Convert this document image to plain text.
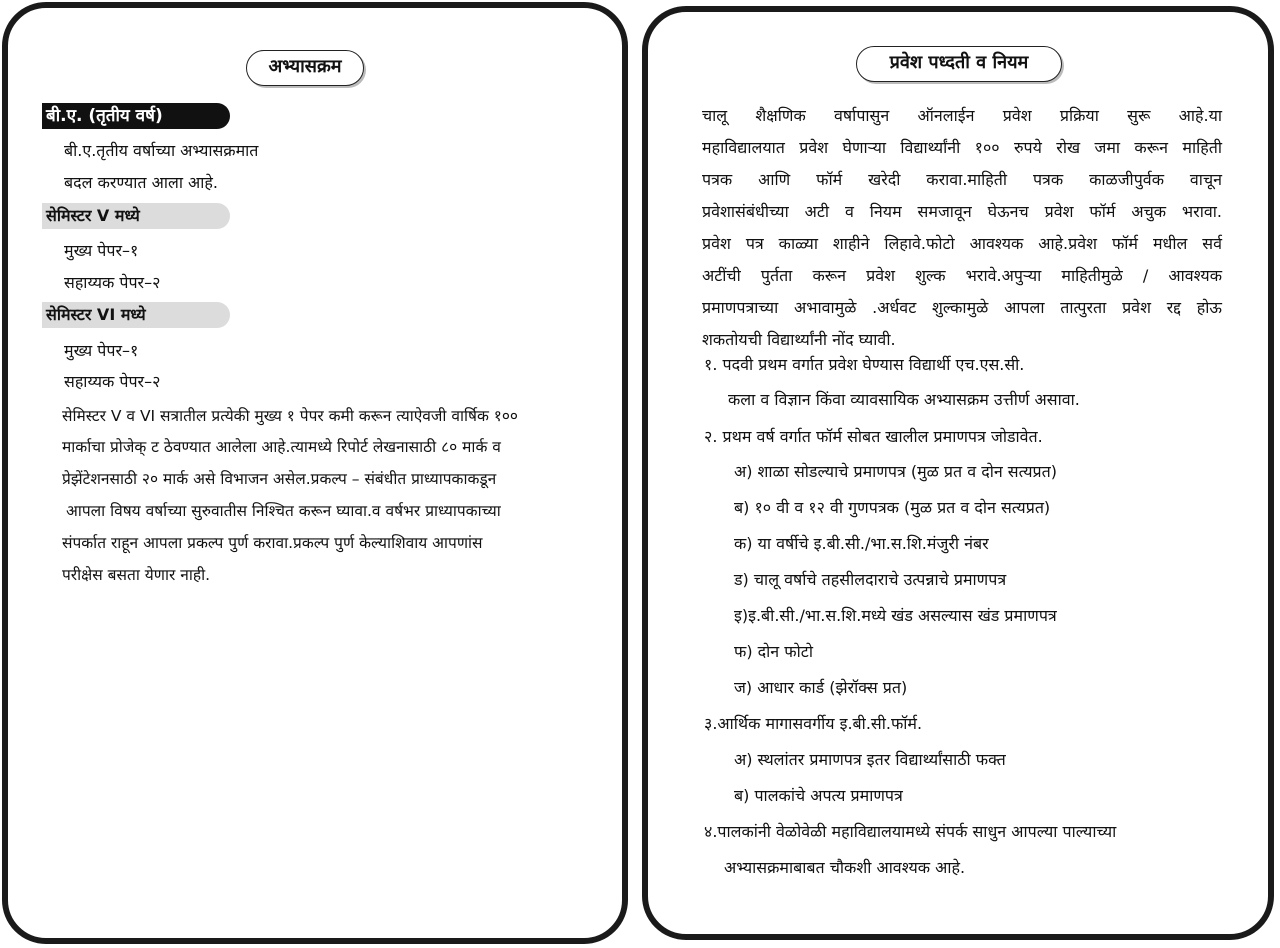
अभ्यासक्रम
बी.ए. (तृतीय वर्ष)
बी.ए.तृतीय वर्षाच्या अभ्यासक्रमात
बदल करण्यात आला आहे.
सेमिस्टर V मध्ये
मुख्य पेपर–१
सहाय्यक पेपर–२
सेमिस्टर VI मध्ये
मुख्य पेपर–१
सहाय्यक पेपर–२
सेमिस्टर V व VI सत्रातील प्रत्येकी मुख्य १ पेपर कमी करून त्याऐवजी वार्षिक १००
मार्काचा प्रोजेक् ट ठेवण्यात आलेला आहे.त्यामध्ये रिपोर्ट लेखनासाठी ८० मार्क व
प्रेझेंटेशनसाठी २० मार्क असे विभाजन असेल.प्रकल्प – संबंधीत प्राध्यापकाकडून
आपला विषय वर्षाच्या सुरुवातीस निश्चित करून घ्यावा.व वर्षभर प्राध्यापकाच्या
संपर्कात राहून आपला प्रकल्प पुर्ण करावा.प्रकल्प पुर्ण केल्याशिवाय आपणांस
परीक्षेस बसता येणार नाही.
प्रवेश पध्दती व नियम
चालू शैक्षणिक वर्षापासुन ऑनलाईन प्रवेश प्रक्रिया सुरू आहे.या
महाविद्यालयात प्रवेश घेणाऱ्या विद्यार्थ्यांनी १०० रुपये रोख जमा करून माहिती
पत्रक आणि फॉर्म खरेदी करावा.माहिती पत्रक काळजीपुर्वक वाचून
प्रवेशासंबंधीच्या अटी व नियम समजावून घेऊनच प्रवेश फॉर्म अचुक भरावा.
प्रवेश पत्र काळ्या शाहीने लिहावे.फोटो आवश्यक आहे.प्रवेश फॉर्म मधील सर्व
अटींची पुर्तता करून प्रवेश शुल्क भरावे.अपुऱ्या माहितीमुळे / आवश्यक
प्रमाणपत्राच्या अभावामुळे .अर्धवट शुल्कामुळे आपला तात्पुरता प्रवेश रद्द होऊ
शकतोयची विद्यार्थ्यांनी नोंद घ्यावी.
१. पदवी प्रथम वर्गात प्रवेश घेण्यास विद्यार्थी एच.एस.सी.
कला व विज्ञान किंवा व्यावसायिक अभ्यासक्रम उत्तीर्ण असावा.
२. प्रथम वर्ष वर्गात फॉर्म सोबत खालील प्रमाणपत्र जोडावेत.
अ) शाळा सोडल्याचे प्रमाणपत्र (मुळ प्रत व दोन सत्यप्रत)
ब) १० वी व १२ वी गुणपत्रक (मुळ प्रत व दोन सत्यप्रत)
क) या वर्षीचे इ.बी.सी./भा.स.शि.मंजुरी नंबर
ड) चालू वर्षाचे तहसीलदाराचे उत्पन्नाचे प्रमाणपत्र
इ)इ.बी.सी./भा.स.शि.मध्ये खंड असल्यास खंड प्रमाणपत्र
फ) दोन फोटो
ज) आधार कार्ड (झेरॉक्स प्रत)
३.आर्थिक मागासवर्गीय इ.बी.सी.फॉर्म.
अ) स्थलांतर प्रमाणपत्र इतर विद्यार्थ्यांसाठी फक्त
ब) पालकांचे अपत्य प्रमाणपत्र
४.पालकांनी वेळोवेळी महाविद्यालयामध्ये संपर्क साधुन आपल्या पाल्याच्या
अभ्यासक्रमाबाबत चौकशी आवश्यक आहे.
